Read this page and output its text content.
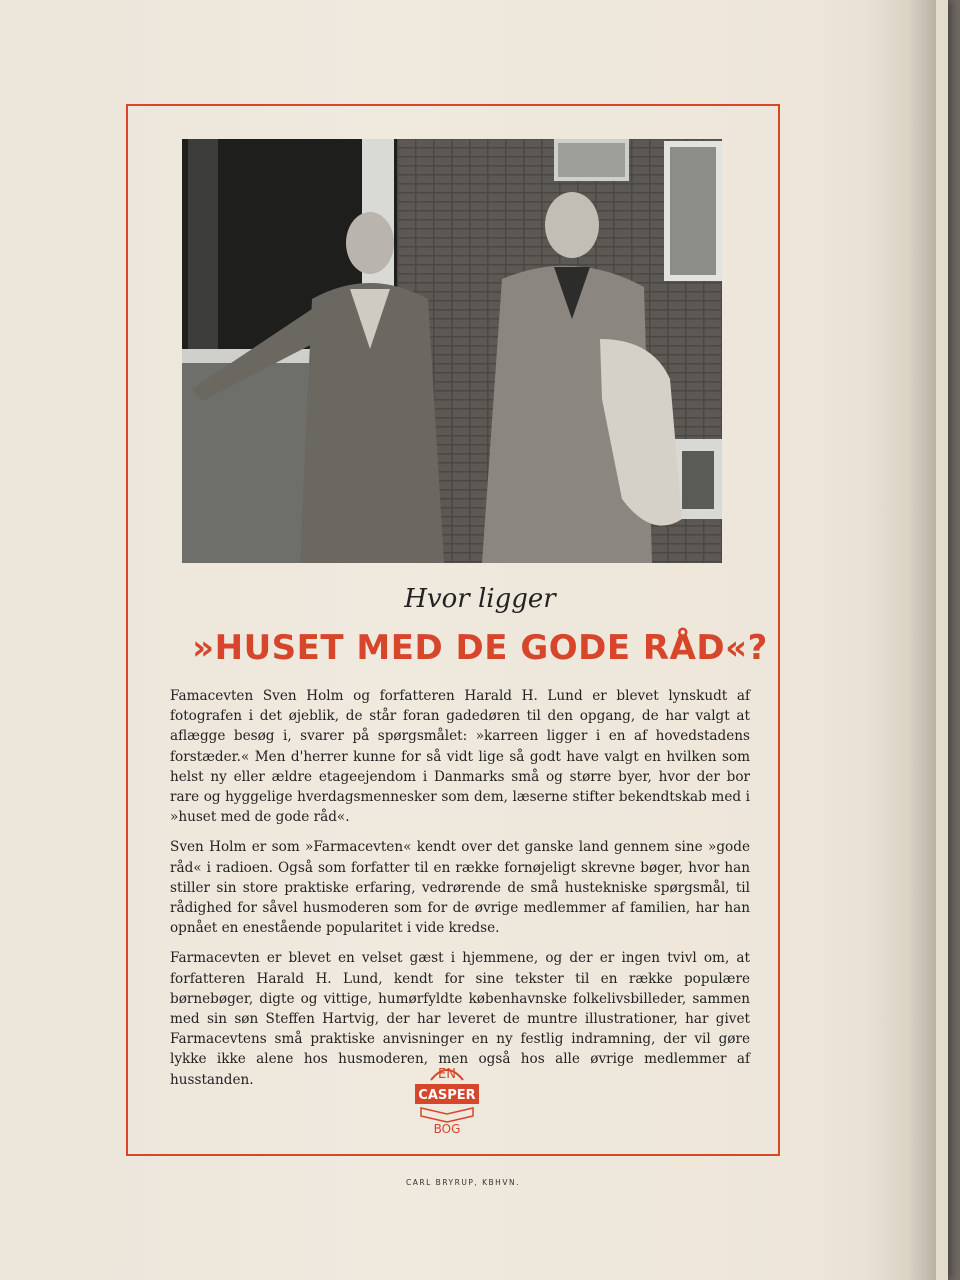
Hvor ligger
»HUSET MED DE GODE RÅD«?

Famacevten Sven Holm og forfatteren Harald H. Lund er blevet lynskudt af fotografen i det øjeblik, de står foran gadedøren til den opgang, de har valgt at aflægge besøg i, svarer på spørgsmålet: »karreen ligger i en af hovedstadens forstæder.« Men d'herrer kunne for så vidt lige så godt have valgt en hvilken som helst ny eller ældre etageejendom i Danmarks små og større byer, hvor der bor rare og hyggelige hverdagsmennesker som dem, læserne stifter bekendtskab med i »huset med de gode råd«.

Sven Holm er som »Farmacevten« kendt over det ganske land gennem sine »gode råd« i radioen. Også som forfatter til en række fornøjeligt skrevne bøger, hvor han stiller sin store praktiske erfaring, vedrørende de små hustekniske spørgsmål, til rådighed for såvel husmoderen som for de øvrige medlemmer af familien, har han opnået en enestående popularitet i vide kredse.

Farmacevten er blevet en velset gæst i hjemmene, og der er ingen tvivl om, at forfatteren Harald H. Lund, kendt for sine tekster til en række populære børnebøger, digte og vittige, humørfyldte københavnske folkelivsbilleder, sammen med sin søn Steffen Hartvig, der har leveret de muntre illustrationer, har givet Farmacevtens små praktiske anvisninger en ny festlig indramning, der vil gøre lykke ikke alene hos husmoderen, men også hos alle øvrige medlemmer af husstanden.	EN
CASPER
BOG
CARL BRYRUP, KBHVN.
